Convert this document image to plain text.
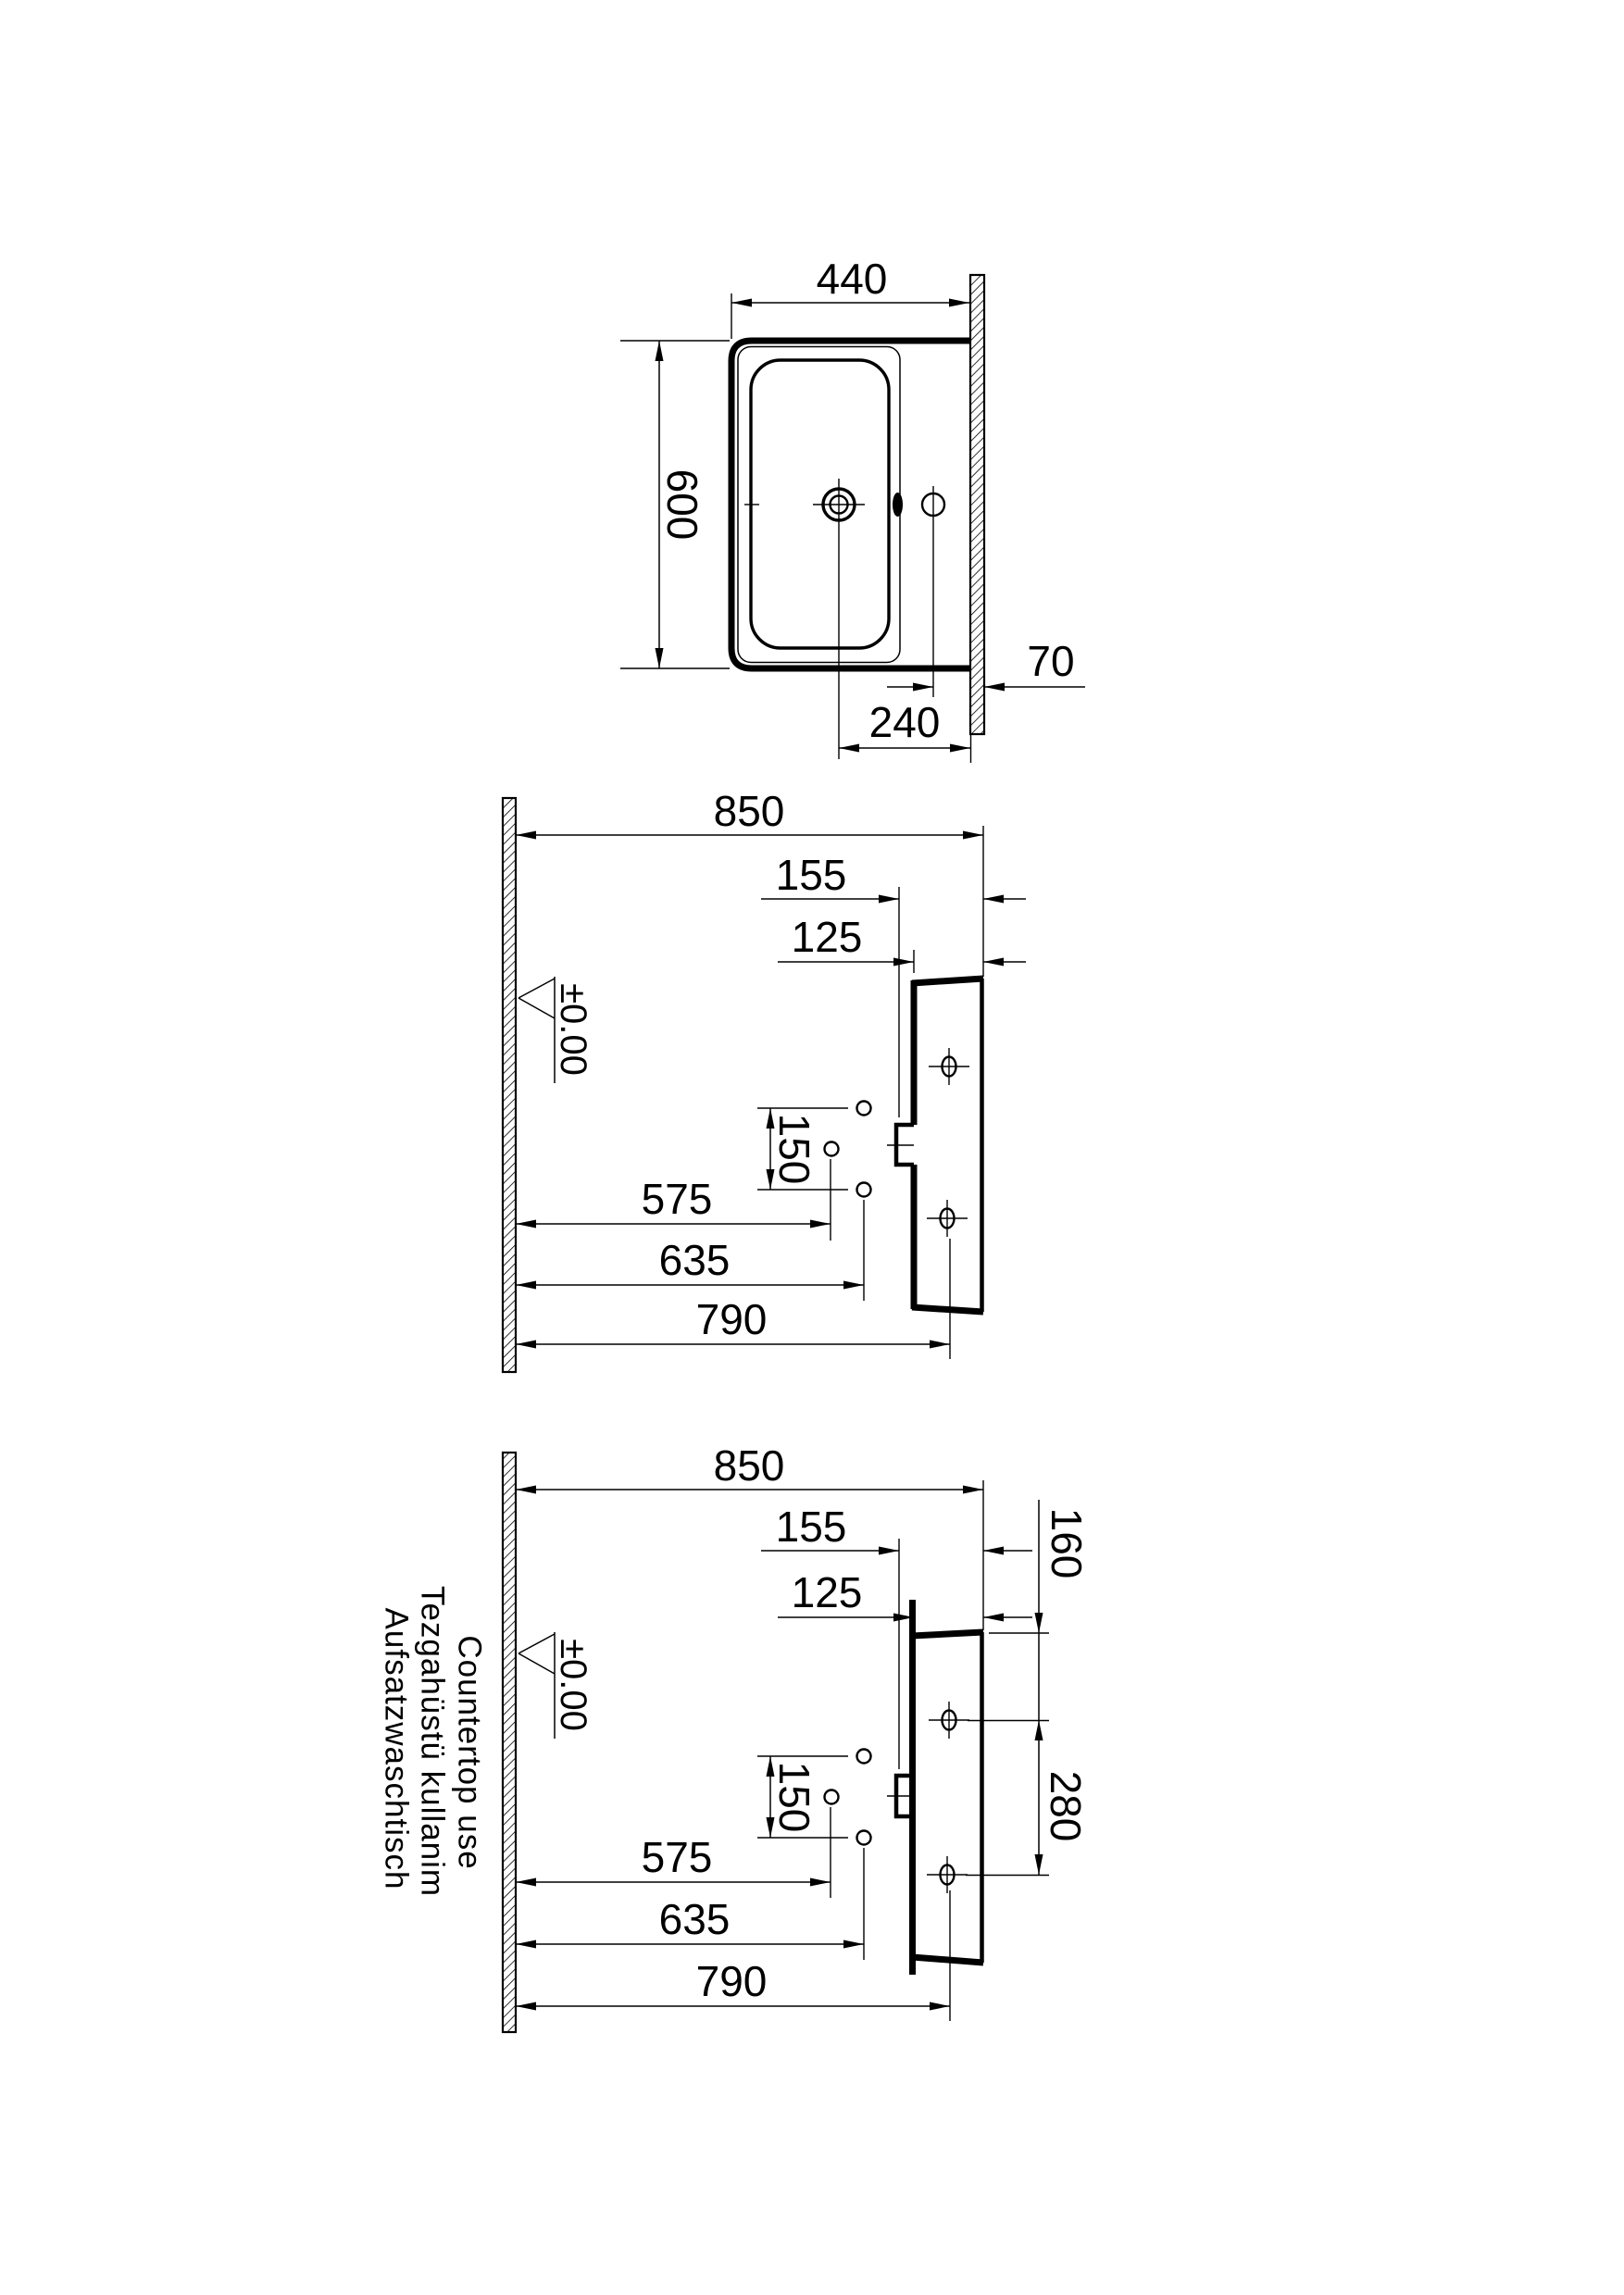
440
600
70
240
850
155
125
±0.00
150
575
635
790
Countertop use
Tezgahüstü kullanim
Aufsatzwaschtisch
850
155
125
±0.00
150
575
635
790
160
280
